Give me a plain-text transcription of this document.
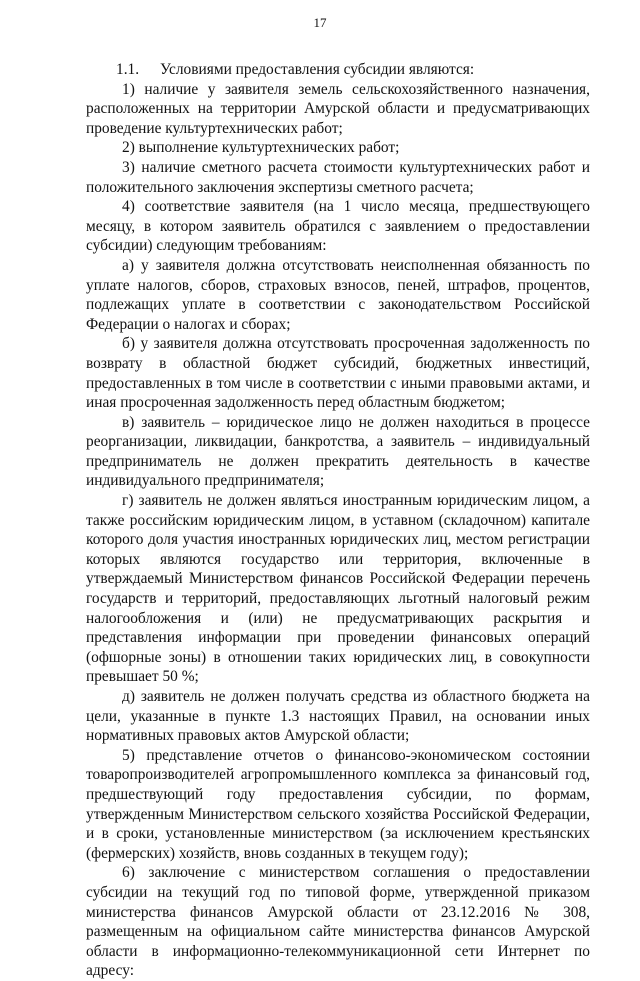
17

1.1. Условиями предоставления субсидии являются:

1) наличие у заявителя земель сельскохозяйственного назначения, расположенных на территории Амурской области и предусматривающих проведение культуртехнических работ;

2) выполнение культуртехнических работ;

3) наличие сметного расчета стоимости культуртехнических работ и положительного заключения экспертизы сметного расчета;

4) соответствие заявителя (на 1 число месяца, предшествующего месяцу, в котором заявитель обратился с заявлением о предоставлении субсидии) следующим требованиям:

а) у заявителя должна отсутствовать неисполненная обязанность по уплате налогов, сборов, страховых взносов, пеней, штрафов, процентов, подлежащих уплате в соответствии с законодательством Российской Федерации о налогах и сборах;

б) у заявителя должна отсутствовать просроченная задолженность по возврату в областной бюджет субсидий, бюджетных инвестиций, предоставленных в том числе в соответствии с иными правовыми актами, и иная просроченная задолженность перед областным бюджетом;

в) заявитель – юридическое лицо не должен находиться в процессе реорганизации, ликвидации, банкротства, а заявитель – индивидуальный предприниматель не должен прекратить деятельность в качестве индивидуального предпринимателя;

г) заявитель не должен являться иностранным юридическим лицом, а также российским юридическим лицом, в уставном (складочном) капитале которого доля участия иностранных юридических лиц, местом регистрации которых являются государство или территория, включенные в утверждаемый Министерством финансов Российской Федерации перечень государств и территорий, предоставляющих льготный налоговый режим налогообложения и (или) не предусматривающих раскрытия и представления информации при проведении финансовых операций (офшорные зоны) в отношении таких юридических лиц, в совокупности превышает 50 %;

д) заявитель не должен получать средства из областного бюджета на цели, указанные в пункте 1.3 настоящих Правил, на основании иных нормативных правовых актов Амурской области;

5) представление отчетов о финансово-экономическом состоянии товаропроизводителей агропромышленного комплекса за финансовый год, предшествующий году предоставления субсидии, по формам, утвержденным Министерством сельского хозяйства Российской Федерации, и в сроки, установленные министерством (за исключением крестьянских (фермерских) хозяйств, вновь созданных в текущем году);

6) заключение с министерством соглашения о предоставлении субсидии на текущий год по типовой форме, утвержденной приказом министерства финансов Амурской области от 23.12.2016 № 308, размещенным на официальном сайте министерства финансов Амурской области в информационно-телекоммуникационной сети Интернет по адресу:
